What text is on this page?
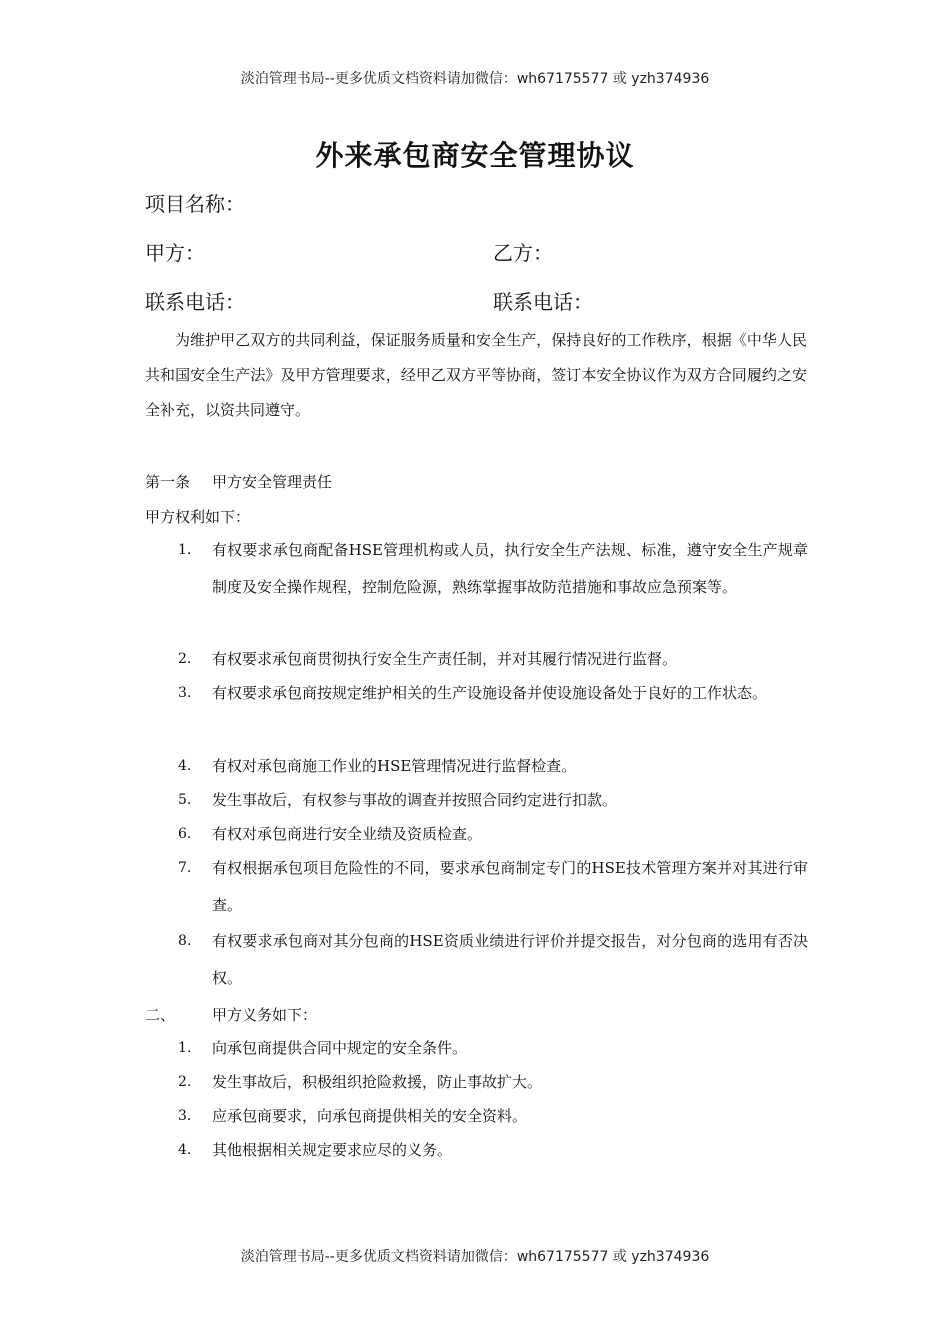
淡泊管理书局--更多优质文档资料请加微信：wh67175577 或 yzh374936
外来承包商安全管理协议
项目名称：
甲方：	乙方：
联系电话：	联系电话：
为维护甲乙双方的共同利益，保证服务质量和安全生产，保持良好的工作秩序，根据《中华人民共和国安全生产法》及甲方管理要求，经甲乙双方平等协商，签订本安全协议作为双方合同履约之安全补充，以资共同遵守。
第一条 甲方安全管理责任
甲方权利如下：
1. 有权要求承包商配备HSE管理机构或人员，执行安全生产法规、标准，遵守安全生产规章制度及安全操作规程，控制危险源，熟练掌握事故防范措施和事故应急预案等。
2. 有权要求承包商贯彻执行安全生产责任制，并对其履行情况进行监督。
3. 有权要求承包商按规定维护相关的生产设施设备并使设施设备处于良好的工作状态。
4. 有权对承包商施工作业的HSE管理情况进行监督检查。
5. 发生事故后，有权参与事故的调查并按照合同约定进行扣款。
6. 有权对承包商进行安全业绩及资质检查。
7. 有权根据承包项目危险性的不同，要求承包商制定专门的HSE技术管理方案并对其进行审查。
8. 有权要求承包商对其分包商的HSE资质业绩进行评价并提交报告，对分包商的选用有否决权。
二、 甲方义务如下：
1. 向承包商提供合同中规定的安全条件。
2. 发生事故后，积极组织抢险救援，防止事故扩大。
3. 应承包商要求，向承包商提供相关的安全资料。
4. 其他根据相关规定要求应尽的义务。
淡泊管理书局--更多优质文档资料请加微信：wh67175577 或 yzh374936
